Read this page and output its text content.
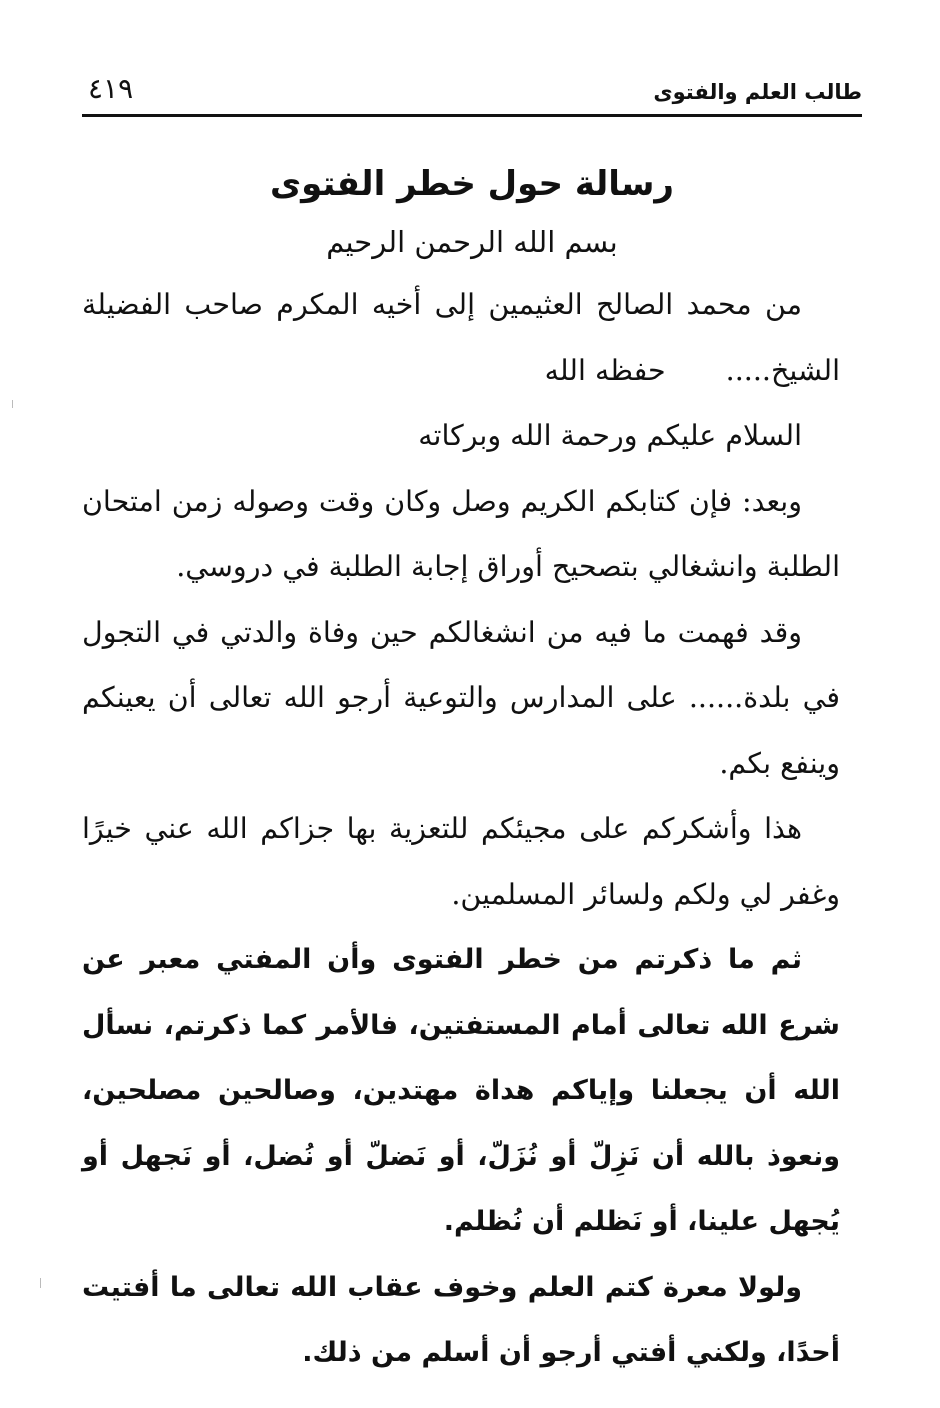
طالب العلم والفتوى
٤١٩
رسالة حول خطر الفتوى
بسم الله الرحمن الرحيم

من محمد الصالح العثيمين إلى أخيه المكرم صاحب الفضيلة الشيخ.....حفظه الله

السلام عليكم ورحمة الله وبركاته

وبعد: فإن كتابكم الكريم وصل وكان وقت وصوله زمن امتحان الطلبة وانشغالي بتصحيح أوراق إجابة الطلبة في دروسي.

وقد فهمت ما فيه من انشغالكم حين وفاة والدتي في التجول في بلدة...... على المدارس والتوعية أرجو الله تعالى أن يعينكم وينفع بكم.

هذا وأشكركم على مجيئكم للتعزية بها جزاكم الله عني خيرًا وغفر لي ولكم ولسائر المسلمين.

ثم ما ذكرتم من خطر الفتوى وأن المفتي معبر عن شرع الله تعالى أمام المستفتين، فالأمر كما ذكرتم، نسأل الله أن يجعلنا وإياكم هداة مهتدين، وصالحين مصلحين، ونعوذ بالله أن نَزِلّ أو نُزَلّ، أو نَضلّ أو نُضل، أو نَجهل أو يُجهل علينا، أو نَظلم أن نُظلم.

ولولا معرة كتم العلم وخوف عقاب الله تعالى ما أفتيت أحدًا، ولكني أفتي أرجو أن أسلم من ذلك.
